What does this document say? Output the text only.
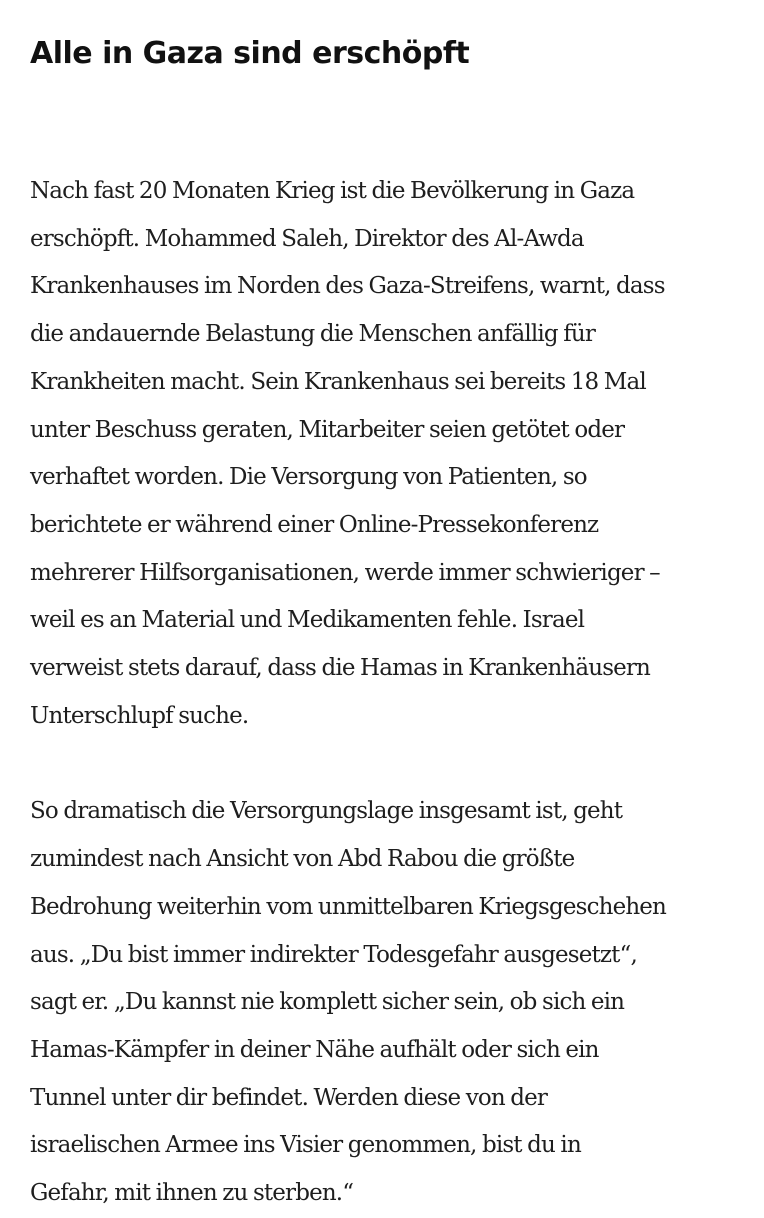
Alle in Gaza sind erschöpft

Nach fast 20 Monaten Krieg ist die Bevölkerung in Gaza
erschöpft. Mohammed Saleh, Direktor des Al-Awda
Krankenhauses im Norden des Gaza-Streifens, warnt, dass
die andauernde Belastung die Menschen anfällig für
Krankheiten macht. Sein Krankenhaus sei bereits 18 Mal
unter Beschuss geraten, Mitarbeiter seien getötet oder
verhaftet worden. Die Versorgung von Patienten, so
berichtete er während einer Online-Pressekonferenz
mehrerer Hilfsorganisationen, werde immer schwieriger –
weil es an Material und Medikamenten fehle. Israel
verweist stets darauf, dass die Hamas in Krankenhäusern
Unterschlupf suche.

So dramatisch die Versorgungslage insgesamt ist, geht
zumindest nach Ansicht von Abd Rabou die größte
Bedrohung weiterhin vom unmittelbaren Kriegsgeschehen
aus. „Du bist immer indirekter Todesgefahr ausgesetzt“,
sagt er. „Du kannst nie komplett sicher sein, ob sich ein
Hamas-Kämpfer in deiner Nähe aufhält oder sich ein
Tunnel unter dir befindet. Werden diese von der
israelischen Armee ins Visier genommen, bist du in
Gefahr, mit ihnen zu sterben.“
